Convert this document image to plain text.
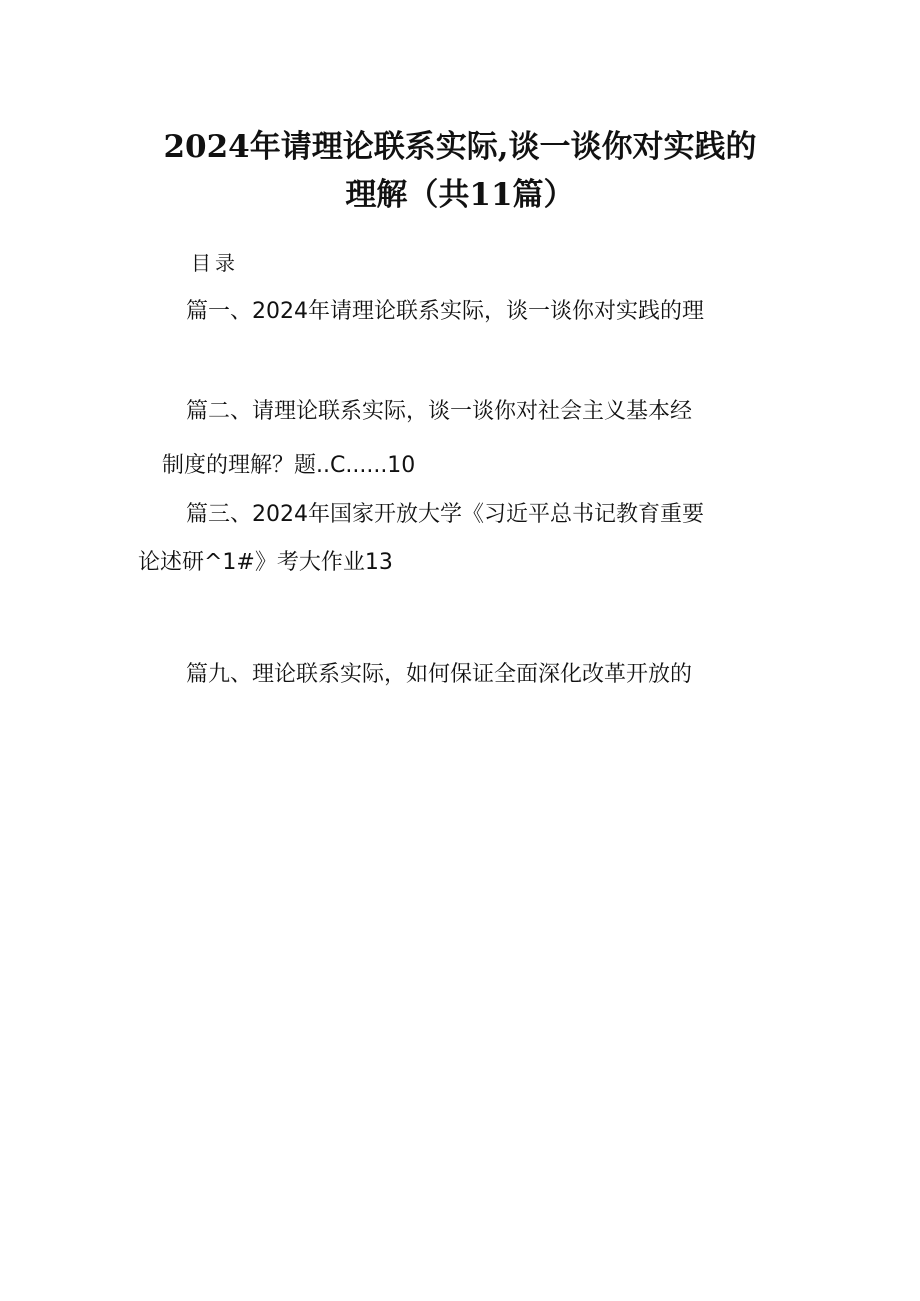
2024年请理论联系实际,谈一谈你对实践的
理解（共11篇）
目录
篇一、2024年请理论联系实际，谈一谈你对实践的理
篇二、请理论联系实际，谈一谈你对社会主义基本经
制度的理解？题..C......10
篇三、2024年国家开放大学《习近平总书记教育重要
论述研^1#》考大作业13
篇九、理论联系实际，如何保证全面深化改革开放的
